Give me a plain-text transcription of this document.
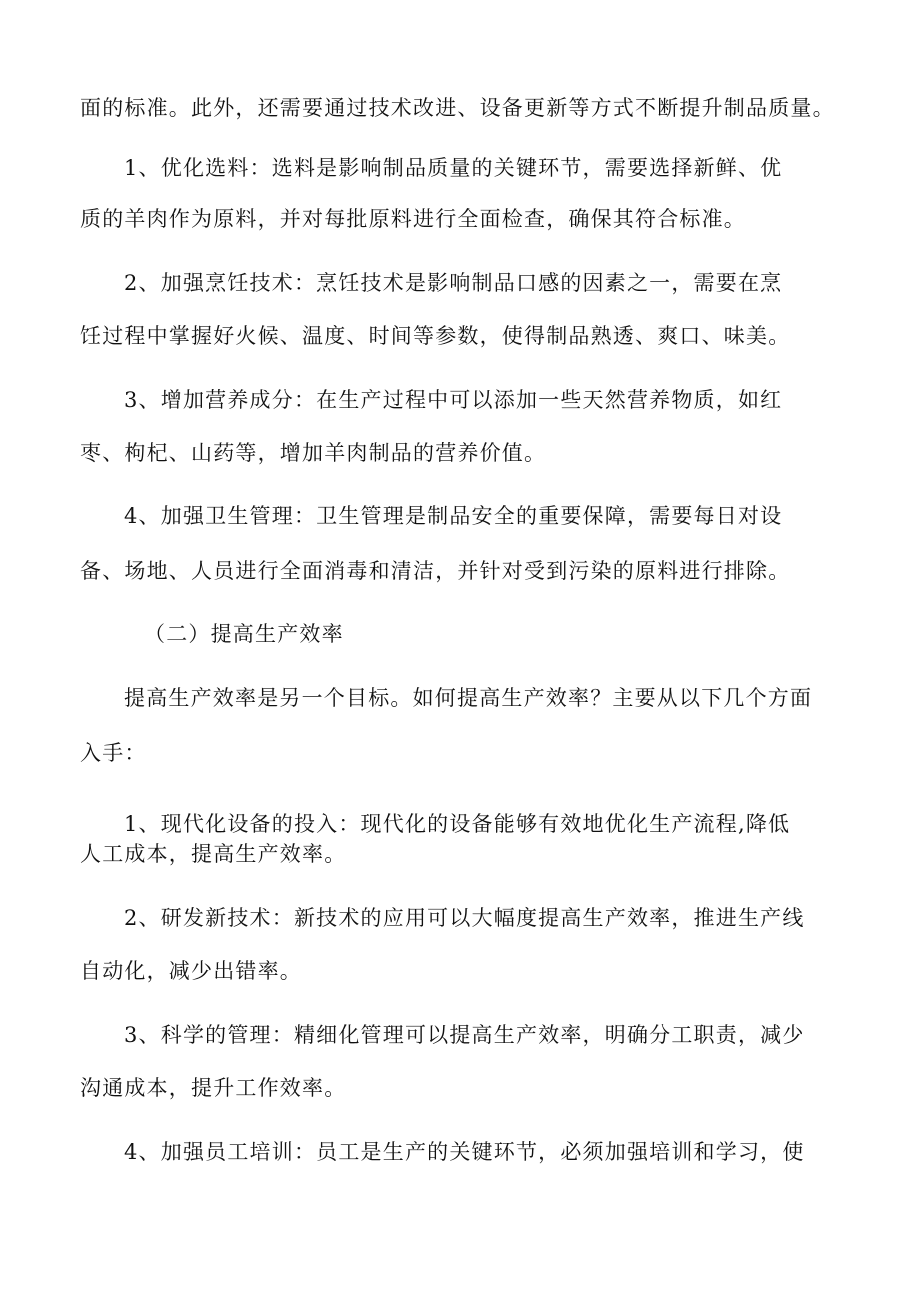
面的标准。此外，还需要通过技术改进、设备更新等方式不断提升制品质量。
1、优化选料：选料是影响制品质量的关键环节，需要选择新鲜、优
质的羊肉作为原料，并对每批原料进行全面检查，确保其符合标准。
2、加强烹饪技术：烹饪技术是影响制品口感的因素之一，需要在烹
饪过程中掌握好火候、温度、时间等参数，使得制品熟透、爽口、味美。
3、增加营养成分：在生产过程中可以添加一些天然营养物质，如红
枣、枸杞、山药等，增加羊肉制品的营养价值。
4、加强卫生管理：卫生管理是制品安全的重要保障，需要每日对设
备、场地、人员进行全面消毒和清洁，并针对受到污染的原料进行排除。
（二）提高生产效率
提高生产效率是另一个目标。如何提高生产效率？主要从以下几个方面
入手：
1、现代化设备的投入：现代化的设备能够有效地优化生产流程,降低
人工成本，提高生产效率。
2、研发新技术：新技术的应用可以大幅度提高生产效率，推进生产线
自动化，减少出错率。
3、科学的管理：精细化管理可以提高生产效率，明确分工职责，减少
沟通成本，提升工作效率。
4、加强员工培训：员工是生产的关键环节，必须加强培训和学习，使
